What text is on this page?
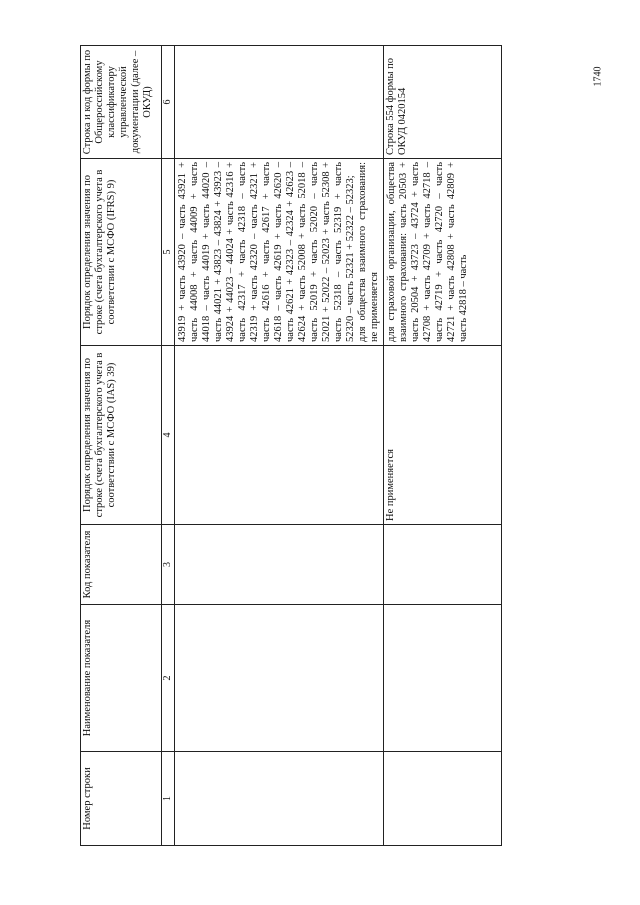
1740
Номер строки	Наименование показателя	Код показателя	Порядок определения значения по строке (счета бухгалтерского учета в соответствии с МСФО (IAS) 39)	Порядок определения значения по строке (счета бухгалтерского учета в соответствии с МСФО (IFRS) 9)	Строка и код формы по Общероссийскому классификатору управленческой документации (далее – ОКУД)
1	2	3	4	5	6

				43919 + часть 43920 – часть 43921 + часть 44008 + часть 44009 + часть 44018 – часть 44019 + часть 44020 – часть 44021 + 43823 – 43824 + 43923 – 43924 + 44023 – 44024 + часть 42316 + часть 42317 + часть 42318 – часть 42319 + часть 42320 – часть 42321 + часть 42616 + часть 42617 + часть 42618 – часть 42619 + часть 42620 – часть 42621 + 42323 – 42324 + 42623 – 42624 + часть 52008 + часть 52018 – часть 52019 + часть 52020 – часть 52021 + 52022 – 52023 + часть 52308 + часть 52318 – часть 52319 + часть 52320 – часть 52321 + 52322 – 52323; для общества взаимного страхования: не применяется	

			Не применяется	для страховой организации, общества взаимного страхования: часть 20503 + часть 20504 + 43723 – 43724 + часть 42708 + часть 42709 + часть 42718 – часть 42719 + часть 42720 – часть 42721 + часть 42808 + часть 42809 + часть 42818 – часть	Строка 554 формы по ОКУД 0420154
